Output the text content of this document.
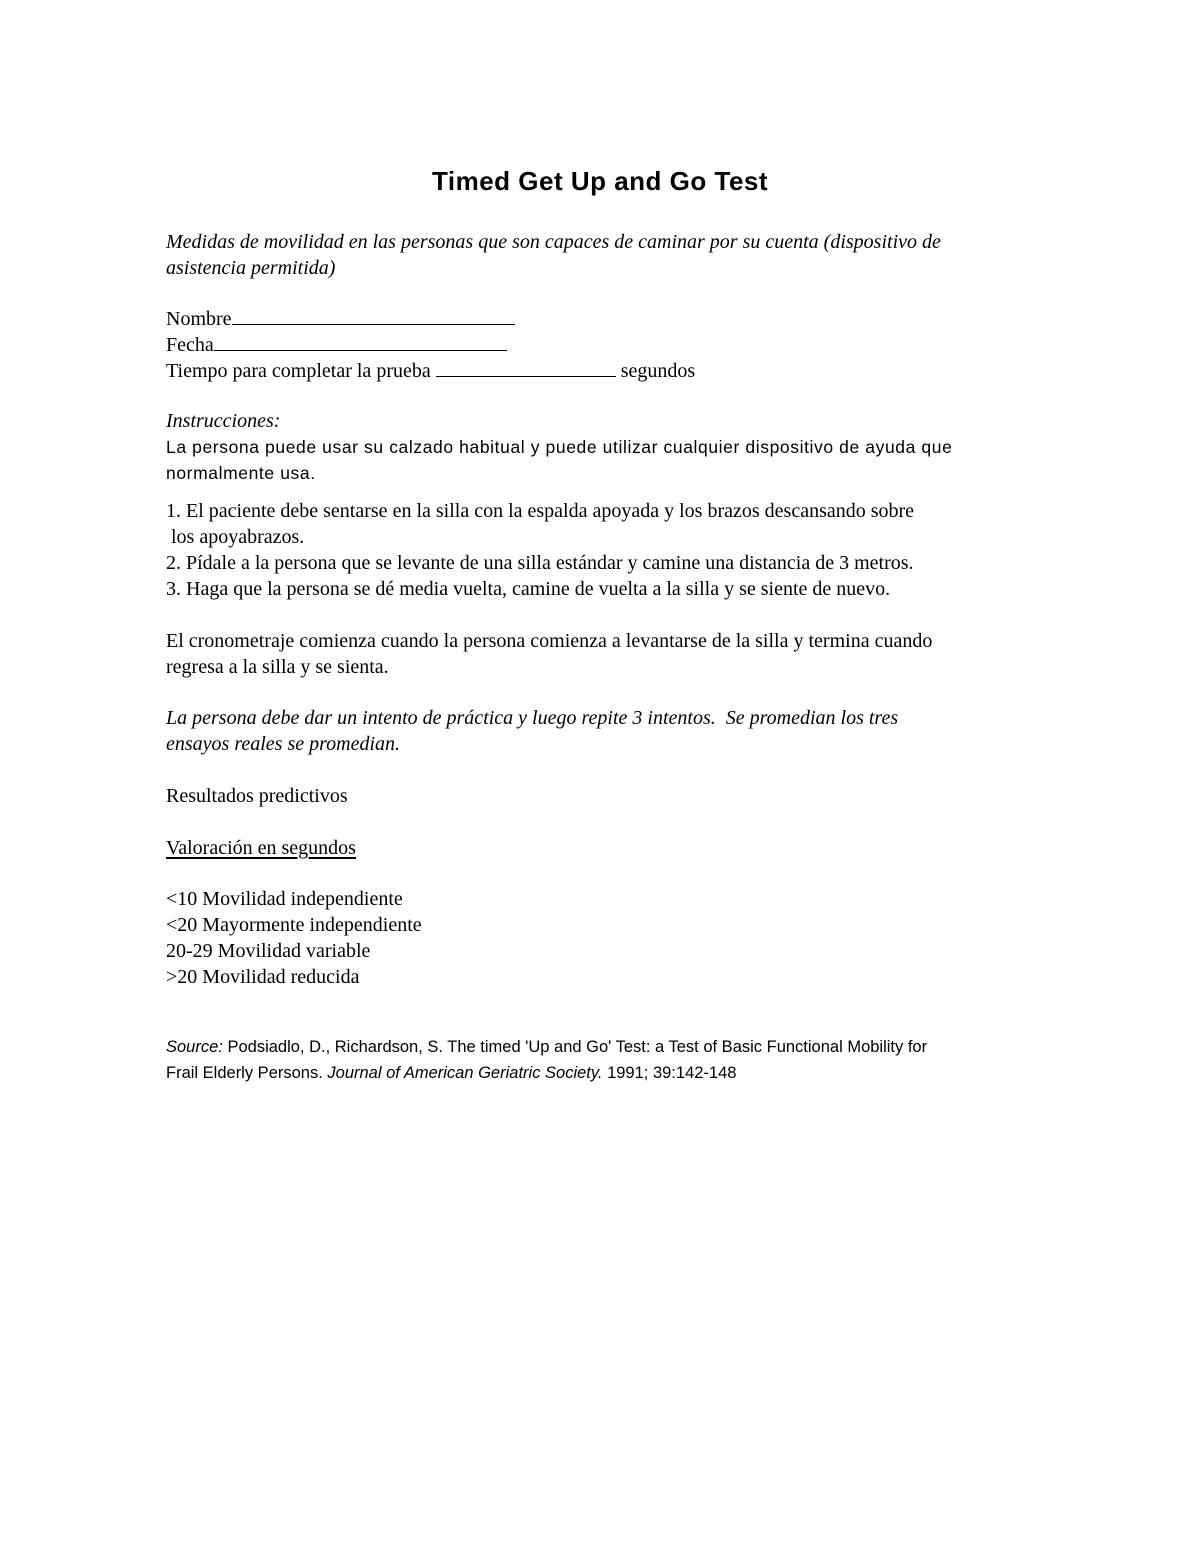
Timed Get Up and Go Test
Medidas de movilidad en las personas que son capaces de caminar por su cuenta (dispositivo de
asistencia permitida)
Nombre
Fecha
Tiempo para completar la prueba	segundos
Instrucciones:
La persona puede usar su calzado habitual y puede utilizar cualquier dispositivo de ayuda que
normalmente usa.
1. El paciente debe sentarse en la silla con la espalda apoyada y los brazos descansando sobre
los apoyabrazos.
2. Pídale a la persona que se levante de una silla estándar y camine una distancia de 3 metros.
3. Haga que la persona se dé media vuelta, camine de vuelta a la silla y se siente de nuevo.
El cronometraje comienza cuando la persona comienza a levantarse de la silla y termina cuando
regresa a la silla y se sienta.
La persona debe dar un intento de práctica y luego repite 3 intentos.  Se promedian los tres
ensayos reales se promedian.
Resultados predictivos
Valoración en segundos
<10 Movilidad independiente
<20 Mayormente independiente
20-29 Movilidad variable
>20 Movilidad reducida
Source: Podsiadlo, D., Richardson, S. The timed 'Up and Go' Test: a Test of Basic Functional Mobility for
Frail Elderly Persons. Journal of American Geriatric Society. 1991; 39:142-148
